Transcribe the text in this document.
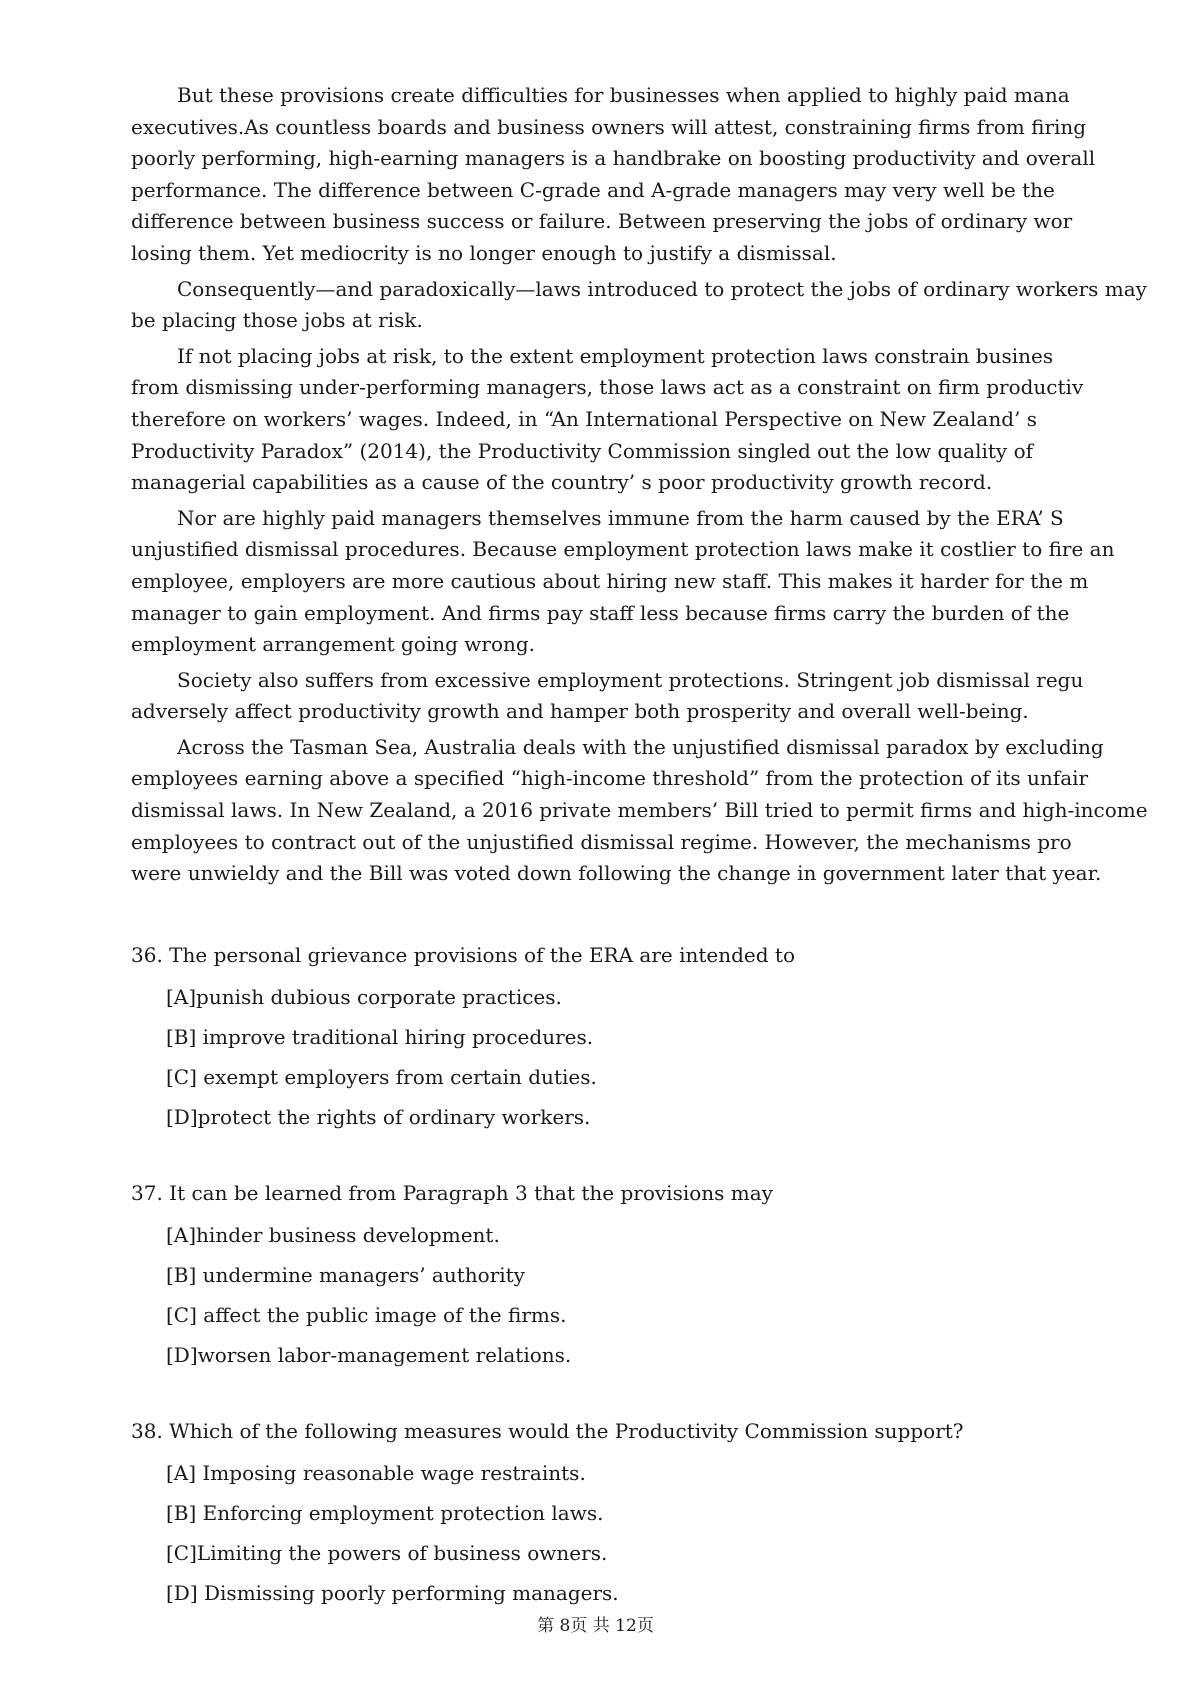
But these provisions create difficulties for businesses when applied to highly paid mana
executives.As countless boards and business owners will attest, constraining firms from firing
poorly performing, high-earning managers is a handbrake on boosting productivity and overall
performance. The difference between C-grade and A-grade managers may very well be the
difference between business success or failure. Between preserving the jobs of ordinary wor
losing them. Yet mediocrity is no longer enough to justify a dismissal.

Consequently—and paradoxically—laws introduced to protect the jobs of ordinary workers may
be placing those jobs at risk.

If not placing jobs at risk, to the extent employment protection laws constrain busines
from dismissing under-performing managers, those laws act as a constraint on firm productiv
therefore on workers’ wages. Indeed, in “An International Perspective on New Zealand’ s
Productivity Paradox” (2014), the Productivity Commission singled out the low quality of
managerial capabilities as a cause of the country’ s poor productivity growth record.

Nor are highly paid managers themselves immune from the harm caused by the ERA’ S
unjustified dismissal procedures. Because employment protection laws make it costlier to fire an
employee, employers are more cautious about hiring new staff. This makes it harder for the m
manager to gain employment. And firms pay staff less because firms carry the burden of the
employment arrangement going wrong.

Society also suffers from excessive employment protections. Stringent job dismissal regu
adversely affect productivity growth and hamper both prosperity and overall well-being.

Across the Tasman Sea, Australia deals with the unjustified dismissal paradox by excluding
employees earning above a specified “high-income threshold” from the protection of its unfair
dismissal laws. In New Zealand, a 2016 private members’ Bill tried to permit firms and high-income
employees to contract out of the unjustified dismissal regime. However, the mechanisms pro
were unwieldy and the Bill was voted down following the change in government later that year.

36. The personal grievance provisions of the ERA are intended to
[A]punish dubious corporate practices.
[B] improve traditional hiring procedures.
[C] exempt employers from certain duties.
[D]protect the rights of ordinary workers.
37. It can be learned from Paragraph 3 that the provisions may
[A]hinder business development.
[B] undermine managers’ authority
[C] affect the public image of the firms.
[D]worsen labor-management relations.
38. Which of the following measures would the Productivity Commission support?
[A] Imposing reasonable wage restraints.
[B] Enforcing employment protection laws.
[C]Limiting the powers of business owners.
[D] Dismissing poorly performing managers.
第 8页 共 12页
